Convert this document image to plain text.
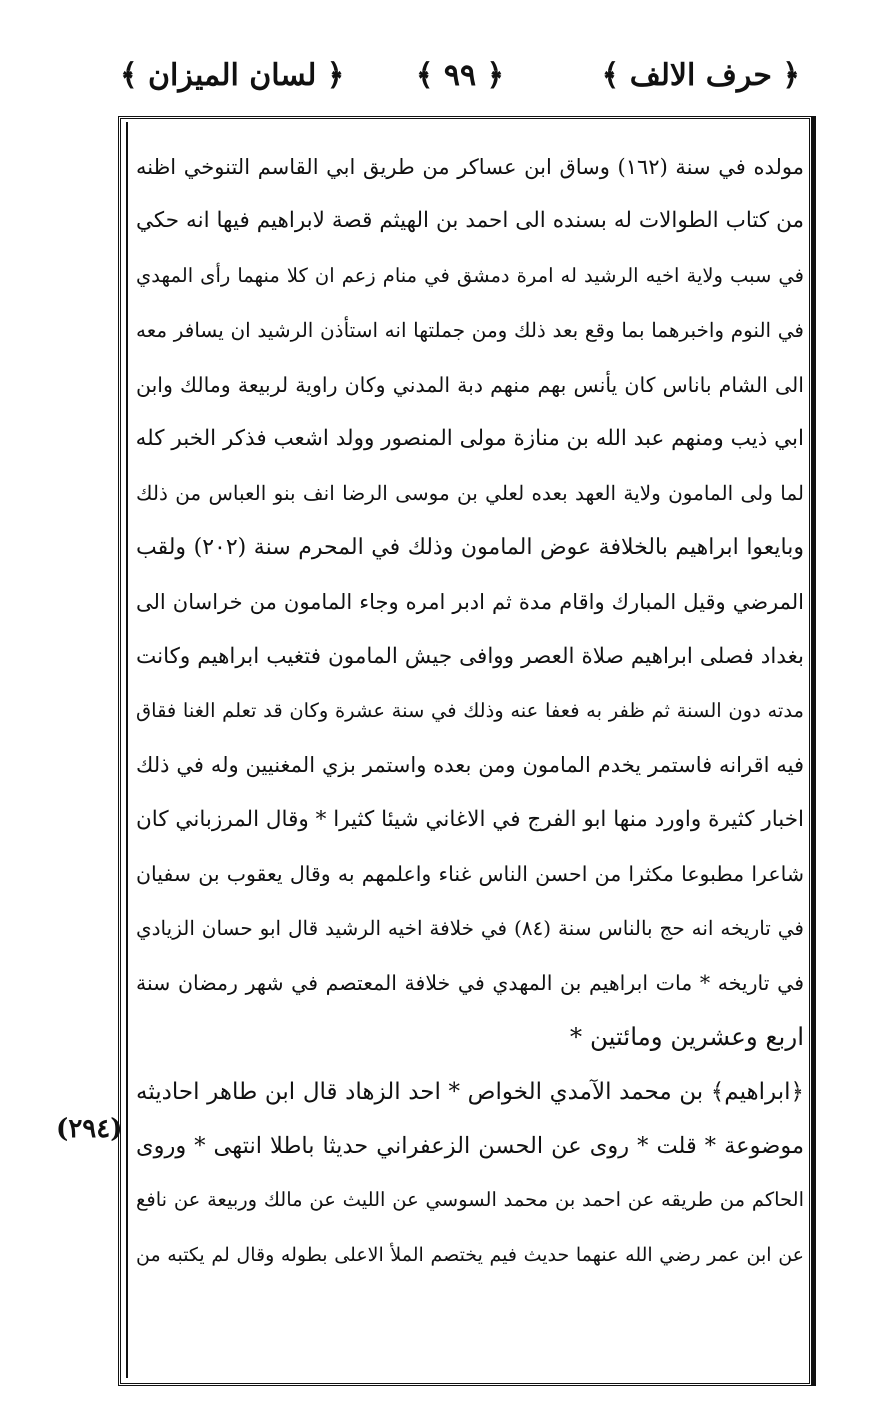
﴿ حرف الالف ﴾
﴿ ٩٩ ﴾
﴿ لسان الميزان ﴾
(٢٩٤)
مولده في سنة (١٦٢) وساق ابن عساكر من طريق ابي القاسم التنوخي اظنه
من كتاب الطوالات له بسنده الى احمد بن الهيثم قصة لابراهيم فيها انه حكي
في سبب ولاية اخيه الرشيد له امرة دمشق في منام زعم ان كلا منهما رأى المهدي
في النوم واخبرهما بما وقع بعد ذلك ومن جملتها انه استأذن الرشيد ان يسافر معه
الى الشام باناس كان يأنس بهم منهم دبة المدني وكان راوية لربيعة ومالك وابن
ابي ذيب ومنهم عبد الله بن منازة مولى المنصور وولد اشعب فذكر الخبر كله
لما ولى المامون ولاية العهد بعده لعلي بن موسى الرضا انف بنو العباس من ذلك
وبايعوا ابراهيم بالخلافة عوض المامون وذلك في المحرم سنة (٢٠٢) ولقب
المرضي وقيل المبارك واقام مدة ثم ادبر امره وجاء المامون من خراسان الى
بغداد فصلى ابراهيم صلاة العصر ووافى جيش المامون فتغيب ابراهيم وكانت
مدته دون السنة ثم ظفر به فعفا عنه وذلك في سنة عشرة وكان قد تعلم الغنا فقاق
فيه اقرانه فاستمر يخدم المامون ومن بعده واستمر بزي المغنيين وله في ذلك
اخبار كثيرة واورد منها ابو الفرج في الاغاني شيئا كثيرا * وقال المرزباني كان
شاعرا مطبوعا مكثرا من احسن الناس غناء واعلمهم به وقال يعقوب بن سفيان
في تاريخه انه حج بالناس سنة (٨٤) في خلافة اخيه الرشيد قال ابو حسان الزيادي
في تاريخه * مات ابراهيم بن المهدي في خلافة المعتصم في شهر رمضان سنة
اربع وعشرين ومائتين *
﴿ابراهيم﴾ بن محمد الآمدي الخواص * احد الزهاد قال ابن طاهر احاديثه
موضوعة * قلت * روى عن الحسن الزعفراني حديثا باطلا انتهى * وروى
الحاكم من طريقه عن احمد بن محمد السوسي عن الليث عن مالك وربيعة عن نافع
عن ابن عمر رضي الله عنهما حديث فيم يختصم الملأ الاعلى بطوله وقال لم يكتبه من
